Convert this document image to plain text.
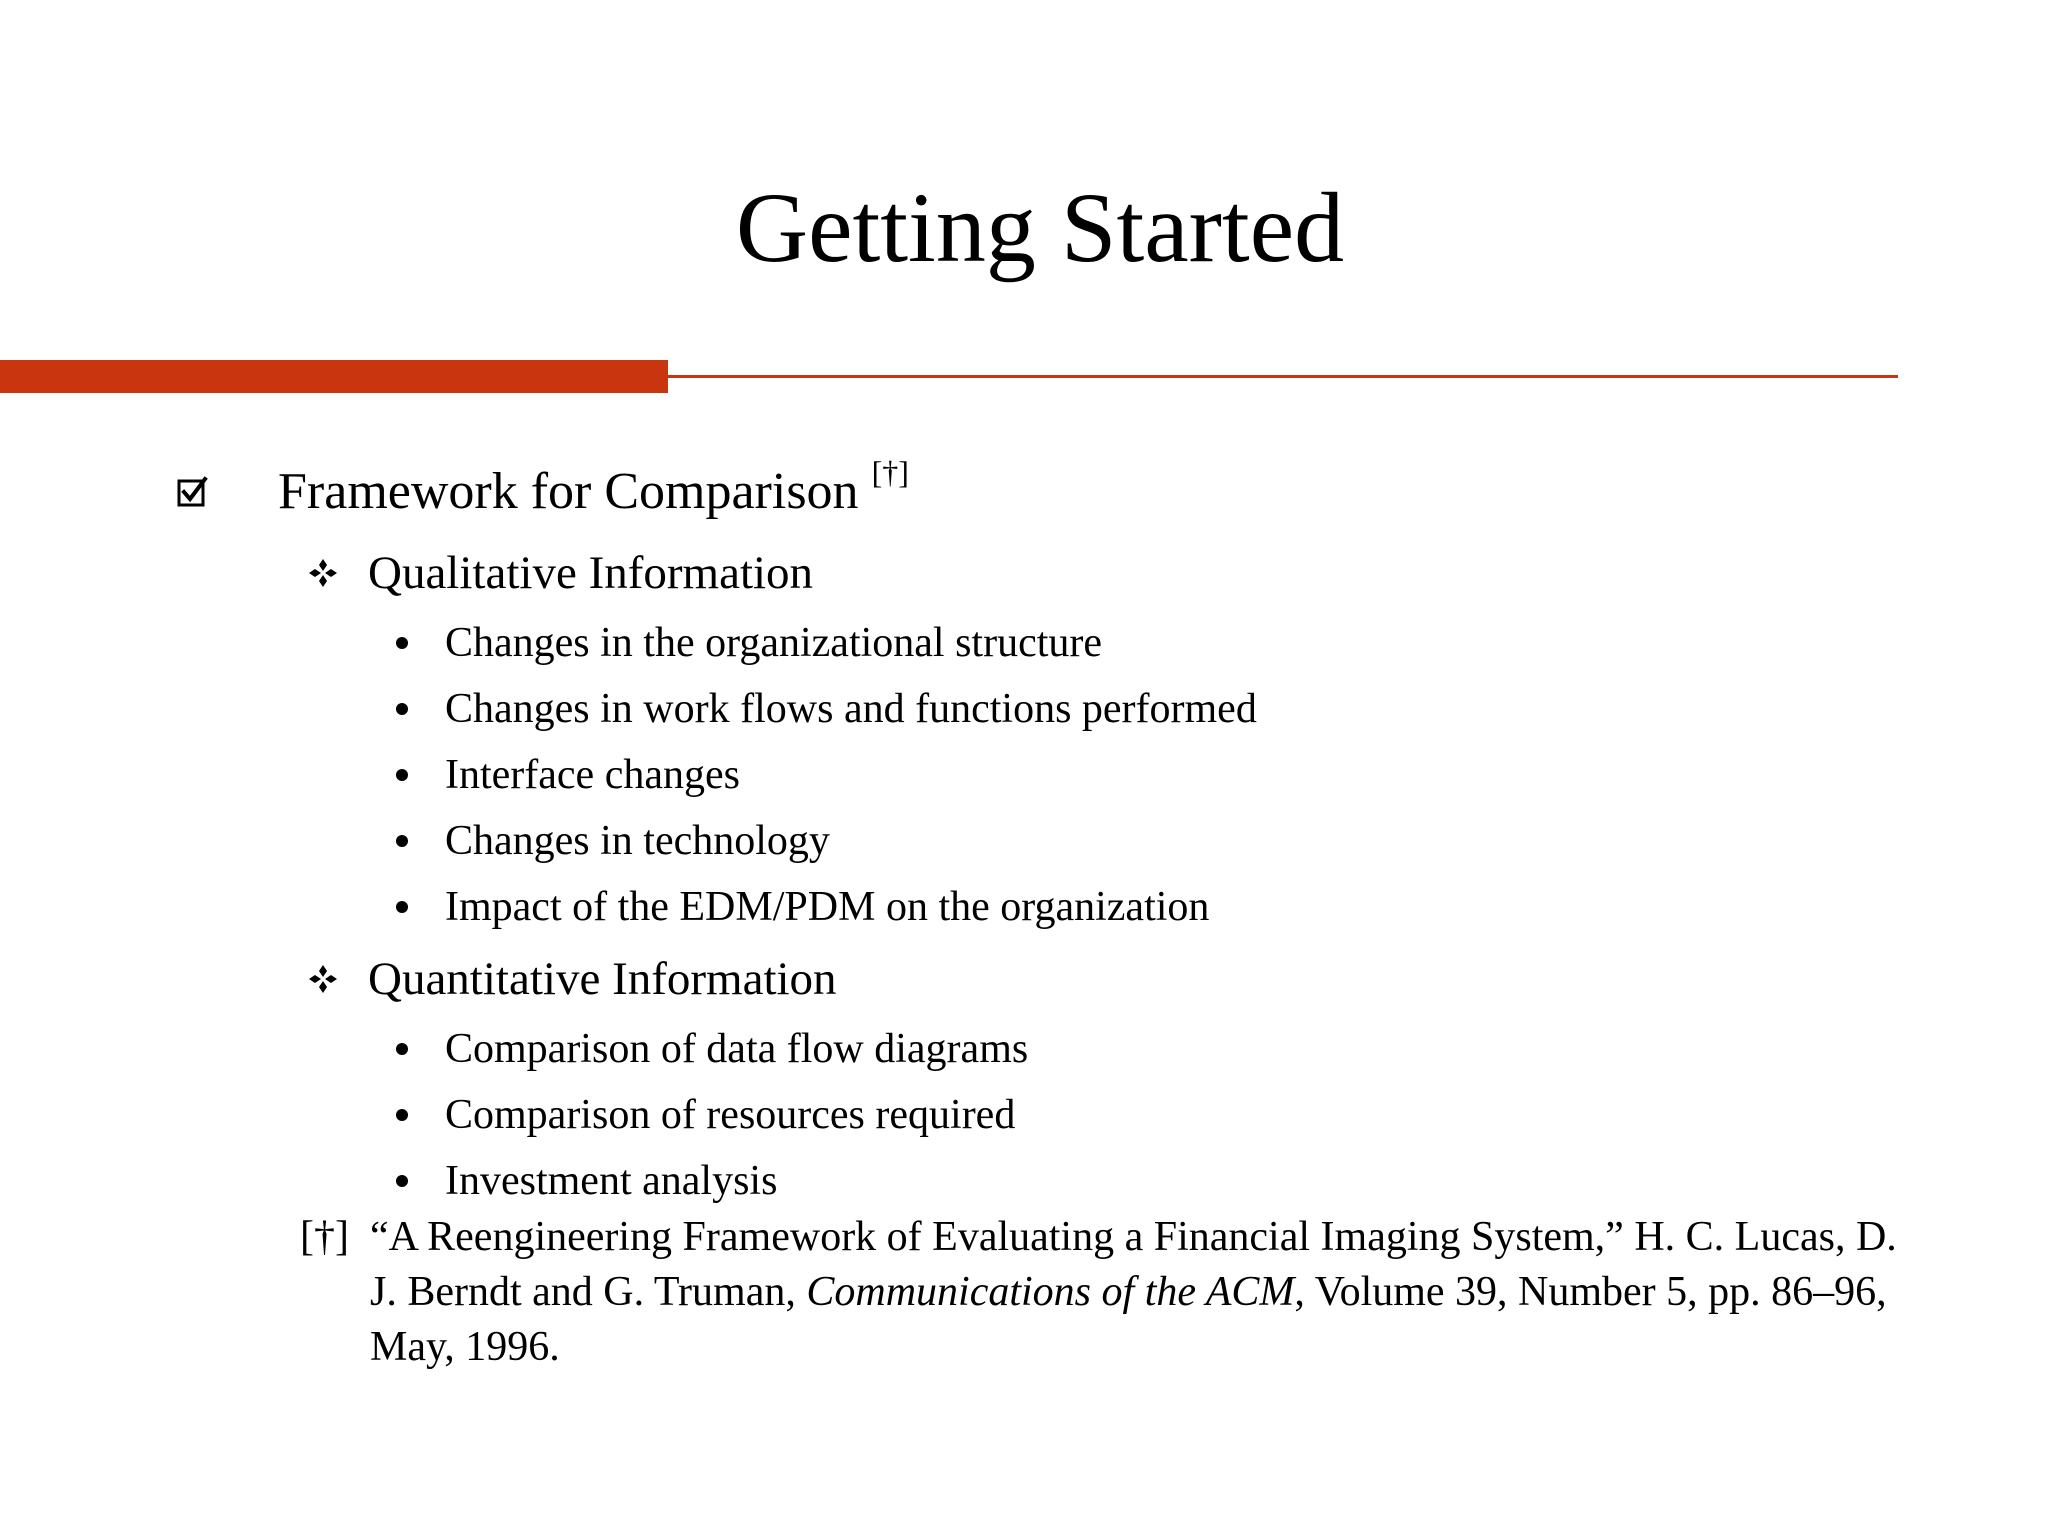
Getting Started
Framework for Comparison [†]
Qualitative Information
Changes in the organizational structure
Changes in work flows and functions performed
Interface changes
Changes in technology
Impact of the EDM/PDM on the organization
Quantitative Information
Comparison of data flow diagrams
Comparison of resources required
Investment analysis
[†] “A Reengineering Framework of Evaluating a Financial Imaging System,” H. C. Lucas, D. J. Berndt and G. Truman, Communications of the ACM, Volume 39, Number 5, pp. 86–96, May, 1996.
